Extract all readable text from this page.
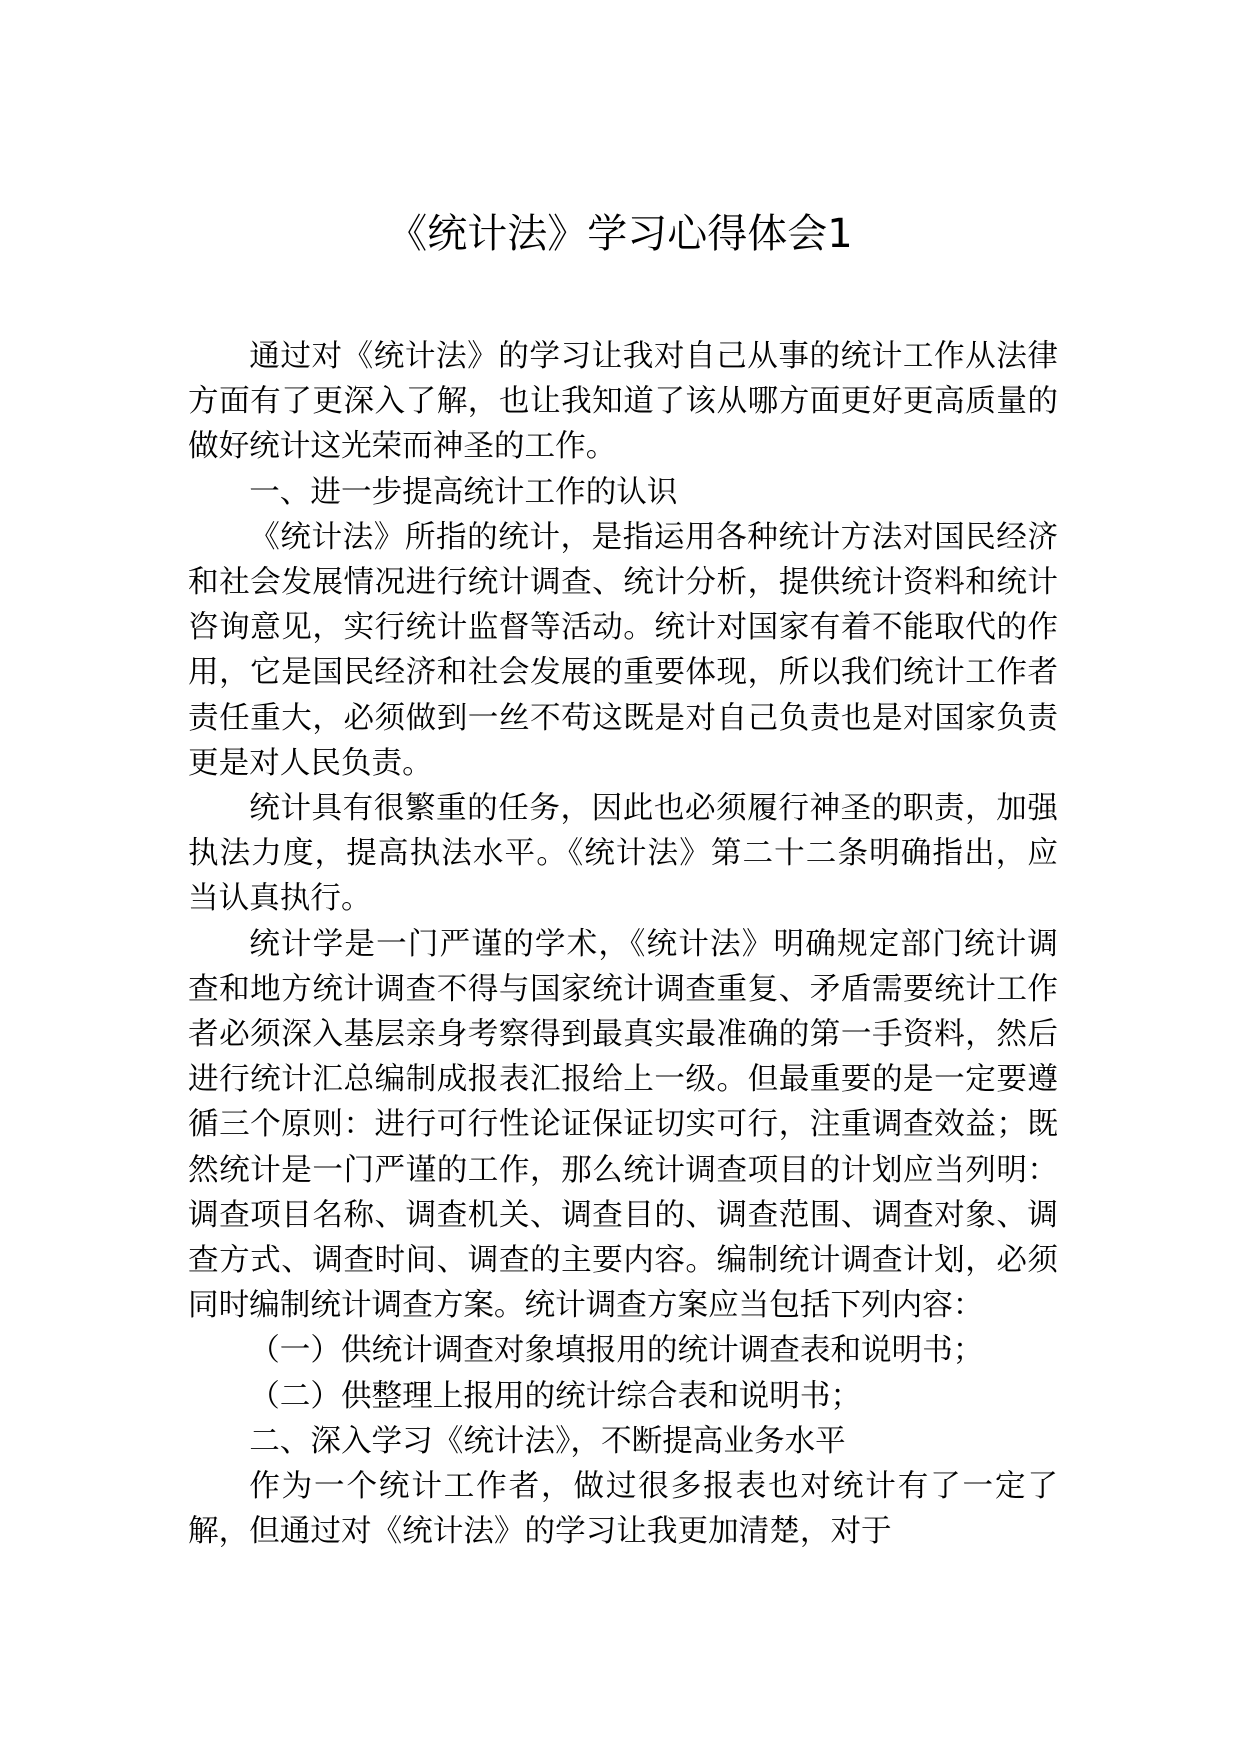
《统计法》学习心得体会1

通过对《统计法》的学习让我对自己从事的统计工作从法律方面有了更深入了解，也让我知道了该从哪方面更好更高质量的做好统计这光荣而神圣的工作。

一、进一步提高统计工作的认识

《统计法》所指的统计，是指运用各种统计方法对国民经济和社会发展情况进行统计调查、统计分析，提供统计资料和统计咨询意见，实行统计监督等活动。统计对国家有着不能取代的作用，它是国民经济和社会发展的重要体现，所以我们统计工作者责任重大，必须做到一丝不苟这既是对自己负责也是对国家负责更是对人民负责。

统计具有很繁重的任务，因此也必须履行神圣的职责，加强执法力度，提高执法水平。《统计法》第二十二条明确指出，应当认真执行。

统计学是一门严谨的学术，《统计法》明确规定部门统计调查和地方统计调查不得与国家统计调查重复、矛盾需要统计工作者必须深入基层亲身考察得到最真实最准确的第一手资料，然后进行统计汇总编制成报表汇报给上一级。但最重要的是一定要遵循三个原则：进行可行性论证保证切实可行，注重调查效益；既然统计是一门严谨的工作，那么统计调查项目的计划应当列明：调查项目名称、调查机关、调查目的、调查范围、调查对象、调查方式、调查时间、调查的主要内容。编制统计调查计划，必须同时编制统计调查方案。统计调查方案应当包括下列内容：

（一）供统计调查对象填报用的统计调查表和说明书；

（二）供整理上报用的统计综合表和说明书；

二、深入学习《统计法》，不断提高业务水平

作为一个统计工作者，做过很多报表也对统计有了一定了解，但通过对《统计法》的学习让我更加清楚，对于
